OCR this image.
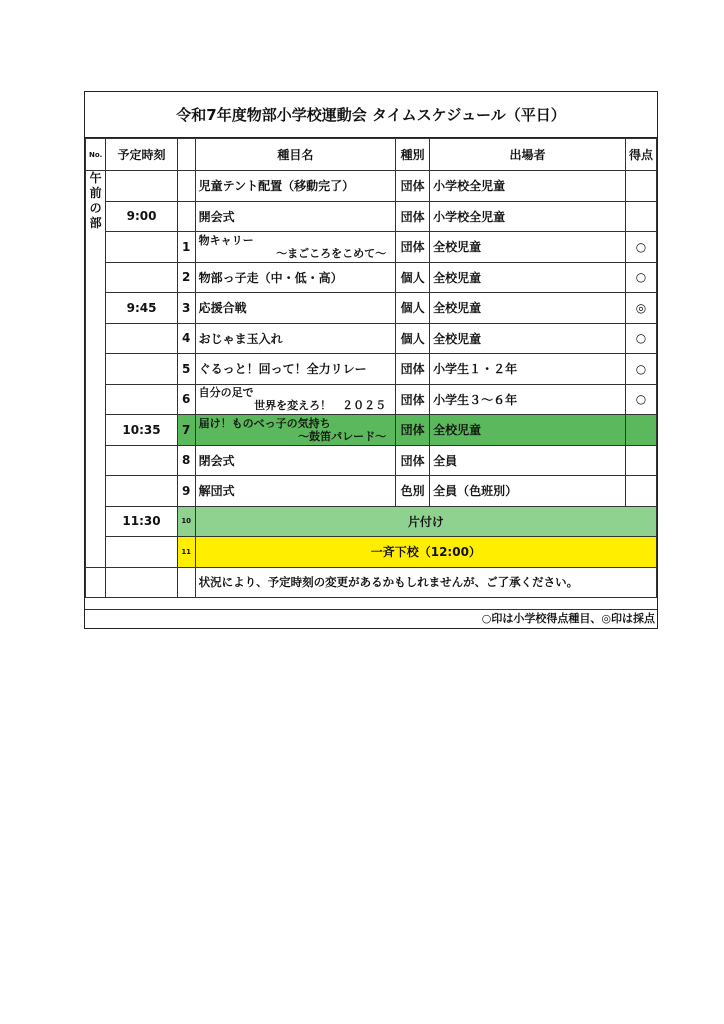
令和7年度物部小学校運動会 タイムスケジュール（平日）
No.	予定時刻		種目名	種別	出場者	得点
午
前
の
部			児童テント配置（移動完了）	団体	小学校全児童	
	9:00		開会式	団体	小学校全児童	
		1	物キャリー
〜まごころをこめて〜	団体	全校児童	○
		2	物部っ子走（中・低・高）	個人	全校児童	○
	9:45	3	応援合戦	個人	全校児童	◎
		4	おじゃま玉入れ	個人	全校児童	○
		5	ぐるっと！回って！全力リレー	団体	小学生１・２年	○
		6	自分の足で
世界を変えろ！　２０２５	団体	小学生３〜６年	○
	10:35	7	届け！ものべっ子の気持ち
〜鼓笛パレード〜	団体	全校児童	
		8	閉会式	団体	全員	
		9	解団式	色別	全員（色班別）	
	11:30	10	片付け			
		11	一斉下校（12:00）			
			状況により、予定時刻の変更があるかもしれませんが、ご了承ください。			
○印は小学校得点種目、◎印は採点
